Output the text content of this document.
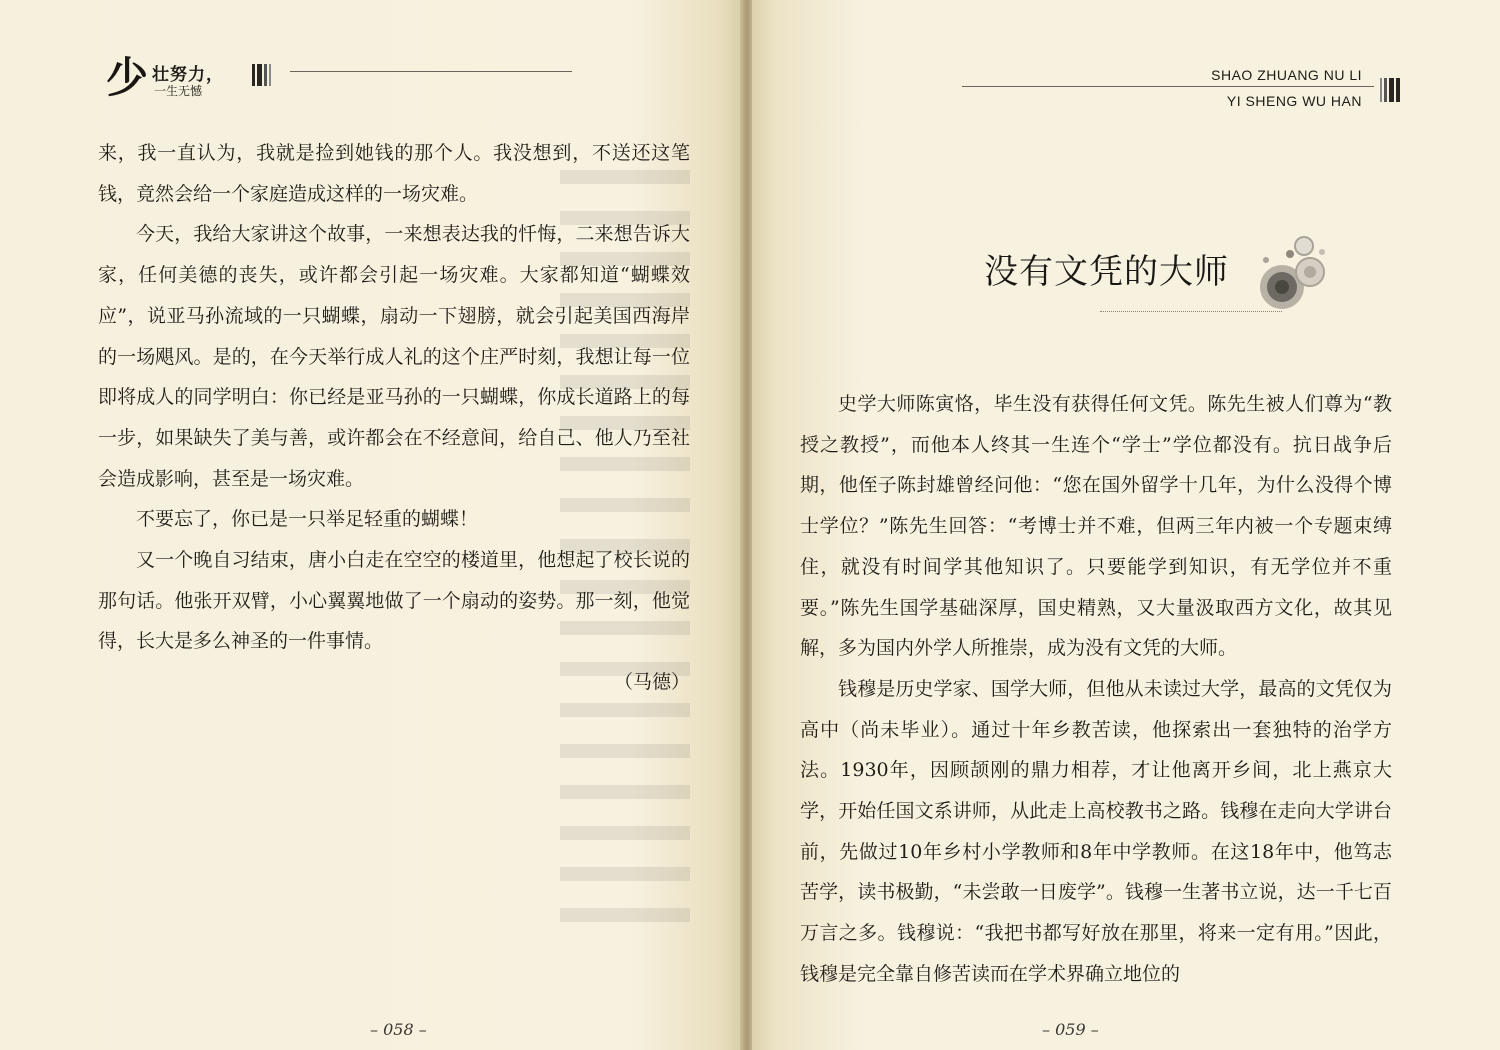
少 壮努力，
一生无憾

来，我一直认为，我就是捡到她钱的那个人。我没想到，不送还这笔钱，竟然会给一个家庭造成这样的一场灾难。

今天，我给大家讲这个故事，一来想表达我的忏悔，二来想告诉大家，任何美德的丧失，或许都会引起一场灾难。大家都知道“蝴蝶效应”，说亚马孙流域的一只蝴蝶，扇动一下翅膀，就会引起美国西海岸的一场飓风。是的，在今天举行成人礼的这个庄严时刻，我想让每一位即将成人的同学明白：你已经是亚马孙的一只蝴蝶，你成长道路上的每一步，如果缺失了美与善，或许都会在不经意间，给自己、他人乃至社会造成影响，甚至是一场灾难。

不要忘了，你已是一只举足轻重的蝴蝶！

又一个晚自习结束，唐小白走在空空的楼道里，他想起了校长说的那句话。他张开双臂，小心翼翼地做了一个扇动的姿势。那一刻，他觉得，长大是多么神圣的一件事情。

（马德）

– 058 –
SHAO ZHUANG NU LI
YI SHENG WU HAN
没有文凭的大师

史学大师陈寅恪，毕生没有获得任何文凭。陈先生被人们尊为“教授之教授”，而他本人终其一生连个“学士”学位都没有。抗日战争后期，他侄子陈封雄曾经问他：“您在国外留学十几年，为什么没得个博士学位？”陈先生回答：“考博士并不难，但两三年内被一个专题束缚住，就没有时间学其他知识了。只要能学到知识，有无学位并不重要。”陈先生国学基础深厚，国史精熟，又大量汲取西方文化，故其见解，多为国内外学人所推崇，成为没有文凭的大师。

钱穆是历史学家、国学大师，但他从未读过大学，最高的文凭仅为高中（尚未毕业）。通过十年乡教苦读，他探索出一套独特的治学方法。1930年，因顾颉刚的鼎力相荐，才让他离开乡间，北上燕京大学，开始任国文系讲师，从此走上高校教书之路。钱穆在走向大学讲台前，先做过10年乡村小学教师和8年中学教师。在这18年中，他笃志苦学，读书极勤，“未尝敢一日废学”。钱穆一生著书立说，达一千七百万言之多。钱穆说：“我把书都写好放在那里，将来一定有用。”因此，钱穆是完全靠自修苦读而在学术界确立地位的

– 059 –
